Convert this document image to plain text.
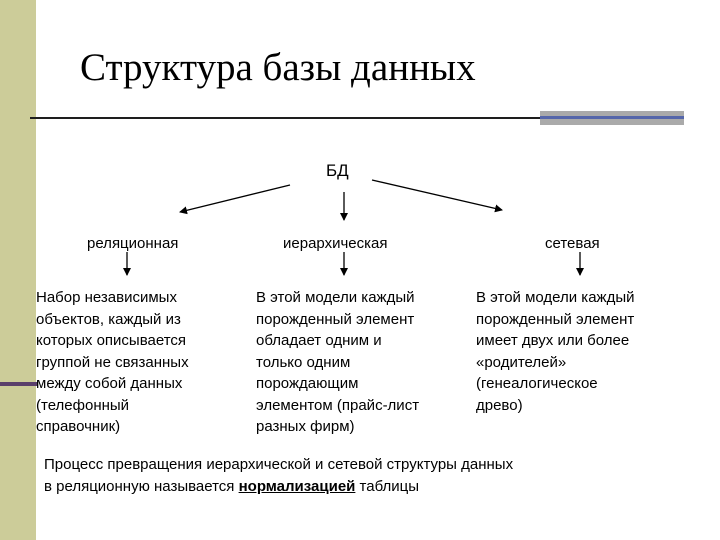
Структура базы данных
БД
реляционная	иерархическая	сетевая
Набор независимых
объектов, каждый из
которых описывается
группой не связанных
между собой данных
(телефонный
справочник)
В этой модели каждый
порожденный элемент
обладает одним и
только одним
порождающим
элементом (прайс-лист
разных фирм)
В этой модели каждый
порожденный элемент
имеет двух или более
«родителей»
(генеалогическое
древо)
Процесс превращения иерархической и сетевой структуры данных
в реляционную называется нормализацией таблицы
